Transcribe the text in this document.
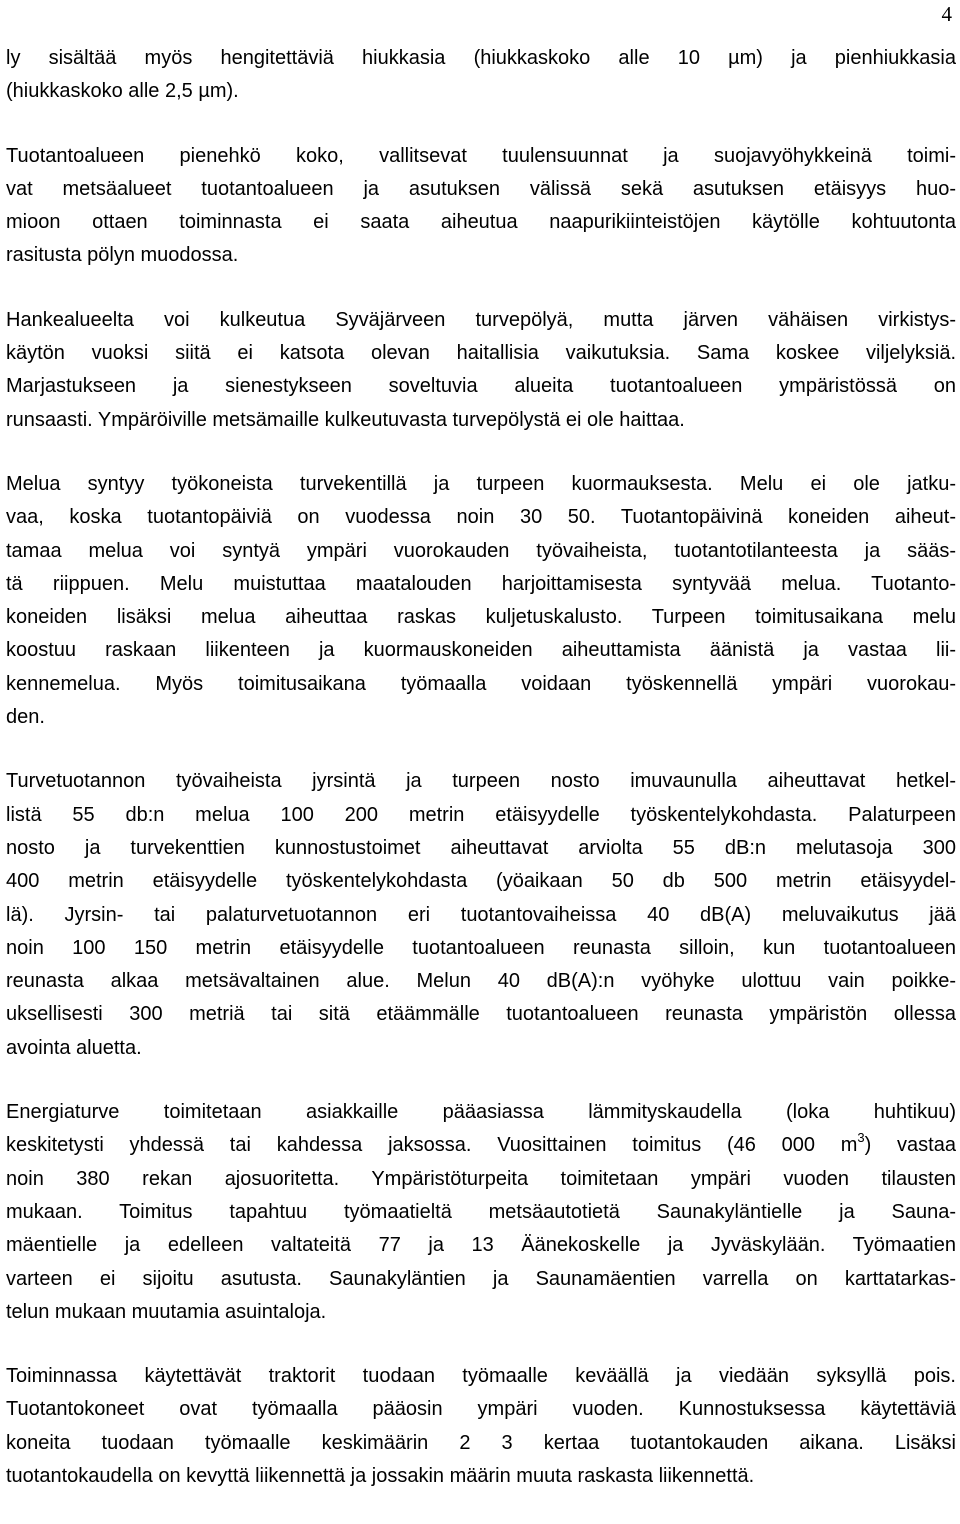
4
ly sisältää myös hengitettäviä hiukkasia (hiukkaskoko alle 10 µm) ja pienhiukkasia
(hiukkaskoko alle 2,5 µm).
Tuotantoalueen pienehkö koko, vallitsevat tuulensuunnat ja suojavyöhykkeinä toimi-
vat metsäalueet tuotantoalueen ja asutuksen välissä sekä asutuksen etäisyys huo-
mioon ottaen toiminnasta ei saata aiheutua naapurikiinteistöjen käytölle kohtuutonta
rasitusta pölyn muodossa.
Hankealueelta voi kulkeutua Syväjärveen turvepölyä, mutta järven vähäisen virkistys-
käytön vuoksi siitä ei katsota olevan haitallisia vaikutuksia. Sama koskee viljelyksiä.
Marjastukseen ja sienestykseen soveltuvia alueita tuotantoalueen ympäristössä on
runsaasti. Ympäröiville metsämaille kulkeutuvasta turvepölystä ei ole haittaa.
Melua syntyy työkoneista turvekentillä ja turpeen kuormauksesta. Melu ei ole jatku-
vaa, koska tuotantopäiviä on vuodessa noin 30 50. Tuotantopäivinä koneiden aiheut-
tamaa melua voi syntyä ympäri vuorokauden työvaiheista, tuotantotilanteesta ja sääs-
tä riippuen. Melu muistuttaa maatalouden harjoittamisesta syntyvää melua. Tuotanto-
koneiden lisäksi melua aiheuttaa raskas kuljetuskalusto. Turpeen toimitusaikana melu
koostuu raskaan liikenteen ja kuormauskoneiden aiheuttamista äänistä ja vastaa lii-
kennemelua. Myös toimitusaikana työmaalla voidaan työskennellä ympäri vuorokau-
den.
Turvetuotannon työvaiheista jyrsintä ja turpeen nosto imuvaunulla aiheuttavat hetkel-
listä 55 db:n melua 100 200 metrin etäisyydelle työskentelykohdasta. Palaturpeen
nosto ja turvekenttien kunnostustoimet aiheuttavat arviolta 55 dB:n melutasoja 300
400 metrin etäisyydelle työskentelykohdasta (yöaikaan 50 db 500 metrin etäisyydel-
lä). Jyrsin- tai palaturvetuotannon eri tuotantovaiheissa 40 dB(A) meluvaikutus jää
noin 100 150 metrin etäisyydelle tuotantoalueen reunasta silloin, kun tuotantoalueen
reunasta alkaa metsävaltainen alue. Melun 40 dB(A):n vyöhyke ulottuu vain poikke-
uksellisesti 300 metriä tai sitä etäämmälle tuotantoalueen reunasta ympäristön ollessa
avointa aluetta.
Energiaturve toimitetaan asiakkaille pääasiassa lämmityskaudella (loka huhtikuu)
keskitetysti yhdessä tai kahdessa jaksossa. Vuosittainen toimitus (46 000 $m^3$) vastaa
noin 380 rekan ajosuoritetta. Ympäristöturpeita toimitetaan ympäri vuoden tilausten
mukaan. Toimitus tapahtuu työmaatieltä metsäautotietä Saunakyläntielle ja Sauna-
mäentielle ja edelleen valtateitä 77 ja 13 Äänekoskelle ja Jyväskylään. Työmaatien
varteen ei sijoitu asutusta. Saunakyläntien ja Saunamäentien varrella on karttatarkas-
telun mukaan muutamia asuintaloja.
Toiminnassa käytettävät traktorit tuodaan työmaalle keväällä ja viedään syksyllä pois.
Tuotantokoneet ovat työmaalla pääosin ympäri vuoden. Kunnostuksessa käytettäviä
koneita tuodaan työmaalle keskimäärin 2 3 kertaa tuotantokauden aikana. Lisäksi
tuotantokaudella on kevyttä liikennettä ja jossakin määrin muuta raskasta liikennettä.
